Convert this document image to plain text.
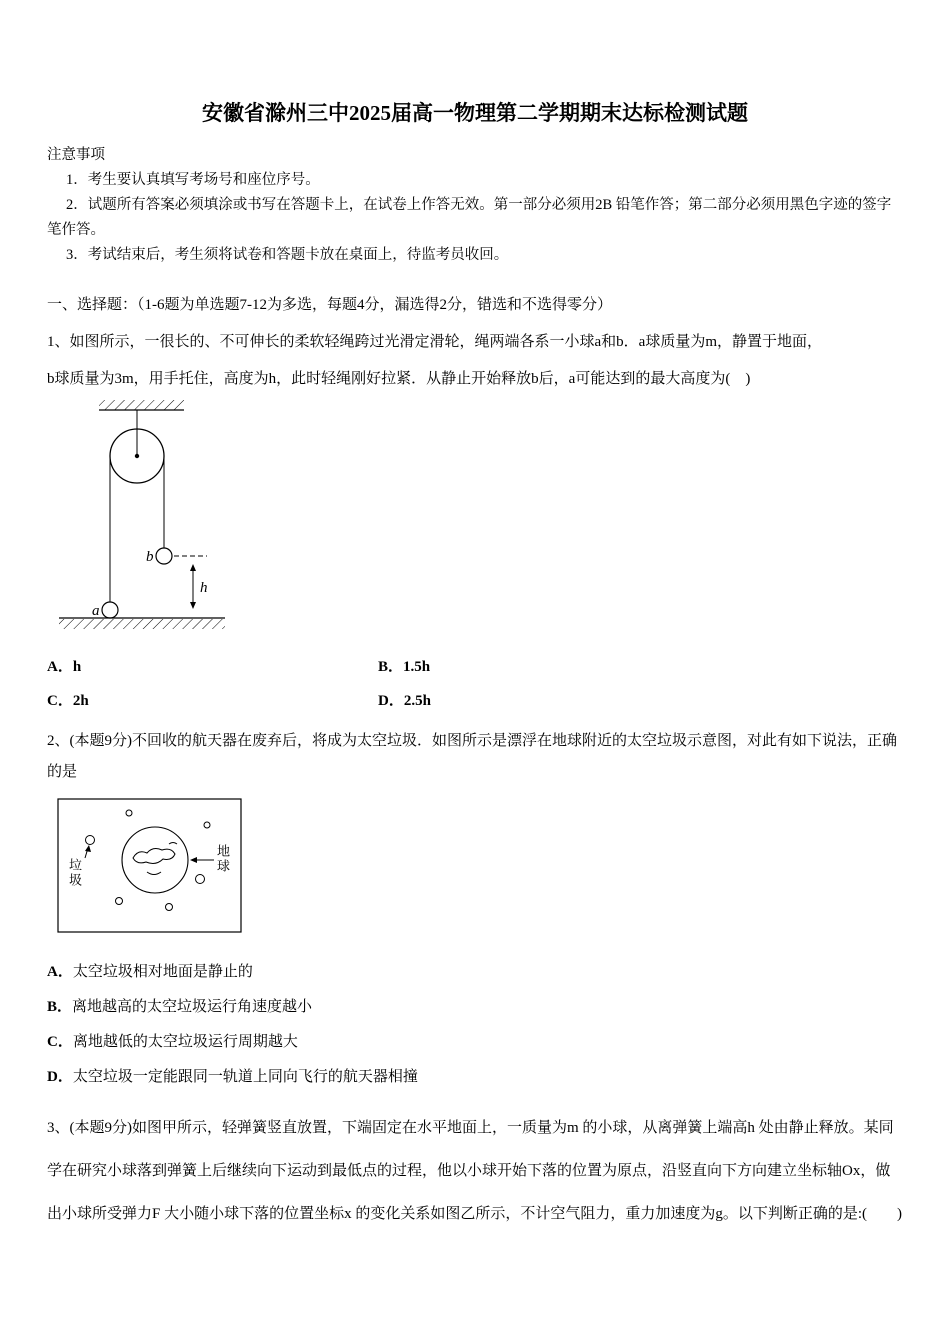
安徽省滁州三中2025届高一物理第二学期期末达标检测试题
注意事项
1．考生要认真填写考场号和座位序号。
2．试题所有答案必须填涂或书写在答题卡上，在试卷上作答无效。第一部分必须用2B 铅笔作答；第二部分必须用黑色字迹的签字笔作答。
3．考试结束后，考生须将试卷和答题卡放在桌面上，待监考员收回。
一、选择题：（1-6题为单选题7-12为多选，每题4分，漏选得2分，错选和不选得零分）
1、如图所示，一很长的、不可伸长的柔软轻绳跨过光滑定滑轮，绳两端各系一小球a和b．a球质量为m，静置于地面，
b球质量为3m，用手托住，高度为h，此时轻绳刚好拉紧．从静止开始释放b后，a可能达到的最大高度为(    )
b
h
a
A．h	B．1.5h
C．2h	D．2.5h
2、(本题9分)不回收的航天器在废弃后，将成为太空垃圾．如图所示是漂浮在地球附近的太空垃圾示意图，对此有如下说法，正确的是
垃圾	地球
A．太空垃圾相对地面是静止的
B．离地越高的太空垃圾运行角速度越小
C．离地越低的太空垃圾运行周期越大
D．太空垃圾一定能跟同一轨道上同向飞行的航天器相撞
3、(本题9分)如图甲所示，轻弹簧竖直放置，下端固定在水平地面上，一质量为m 的小球，从离弹簧上端高h 处由静止释放。某同学在研究小球落到弹簧上后继续向下运动到最低点的过程，他以小球开始下落的位置为原点，沿竖直向下方向建立坐标轴Ox，做出小球所受弹力F 大小随小球下落的位置坐标x 的变化关系如图乙所示，不计空气阻力，重力加速度为g。以下判断正确的是:(        )
